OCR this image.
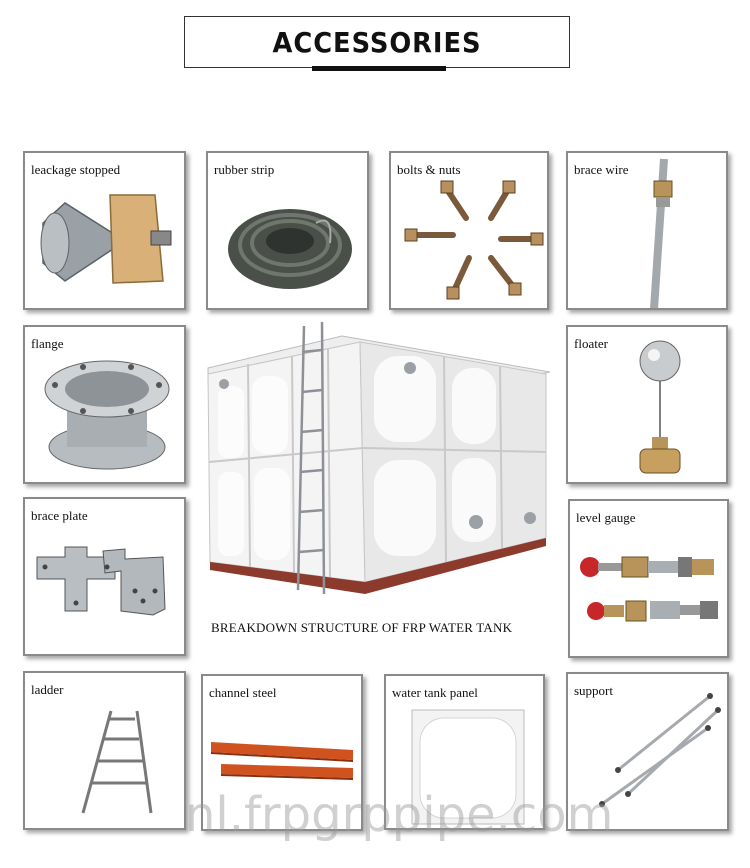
ACCESSORIES
leackage stopped	rubber strip	bolts & nuts	brace wire
flange	floater
brace plate	level gauge
ladder	channel steel	water tank panel	support
BREAKDOWN STRUCTURE OF FRP WATER TANK
nl.frpgrppipe.com
